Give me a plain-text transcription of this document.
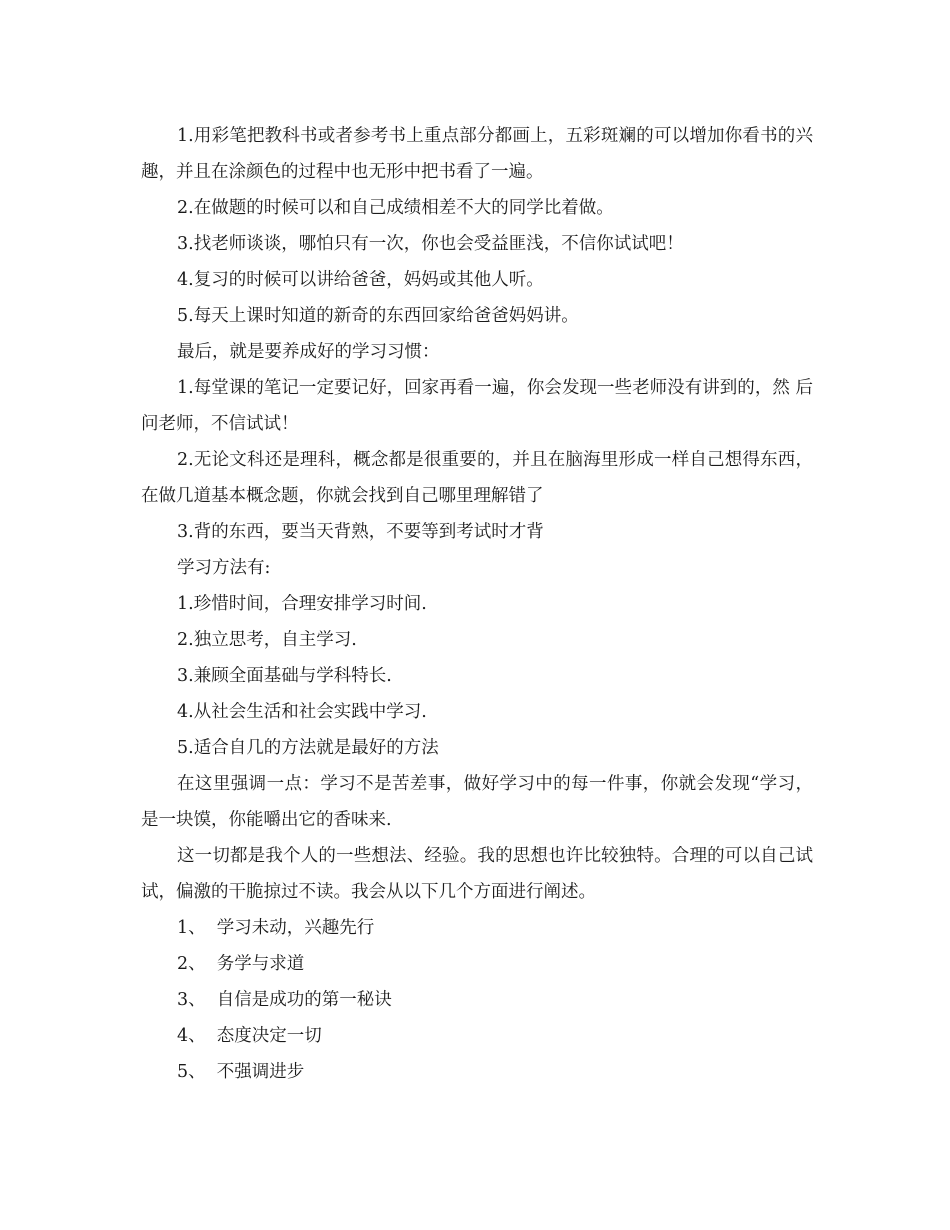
1.用彩笔把教科书或者参考书上重点部分都画上，五彩斑斓的可以增加你看书的兴趣，并且在涂颜色的过程中也无形中把书看了一遍。

2.在做题的时候可以和自己成绩相差不大的同学比着做。

3.找老师谈谈，哪怕只有一次，你也会受益匪浅，不信你试试吧！

4.复习的时候可以讲给爸爸，妈妈或其他人听。

5.每天上课时知道的新奇的东西回家给爸爸妈妈讲。

最后，就是要养成好的学习习惯：

1.每堂课的笔记一定要记好，回家再看一遍，你会发现一些老师没有讲到的，然 后问老师，不信试试！

2.无论文科还是理科，概念都是很重要的，并且在脑海里形成一样自己想得东西， 在做几道基本概念题，你就会找到自己哪里理解错了

3.背的东西，要当天背熟，不要等到考试时才背

学习方法有:

1.珍惜时间，合理安排学习时间.

2.独立思考，自主学习.

3.兼顾全面基础与学科特长.

4.从社会生活和社会实践中学习.

5.适合自几的方法就是最好的方法

在这里强调一点：学习不是苦差事，做好学习中的每一件事，你就会发现“学习，是一块馍，你能嚼出它的香味来.

这一切都是我个人的一些想法、经验。我的思想也许比较独特。合理的可以自己试试，偏激的干脆掠过不读。我会从以下几个方面进行阐述。

1、  学习未动，兴趣先行

2、  务学与求道

3、  自信是成功的第一秘诀

4、  态度决定一切

5、  不强调进步
